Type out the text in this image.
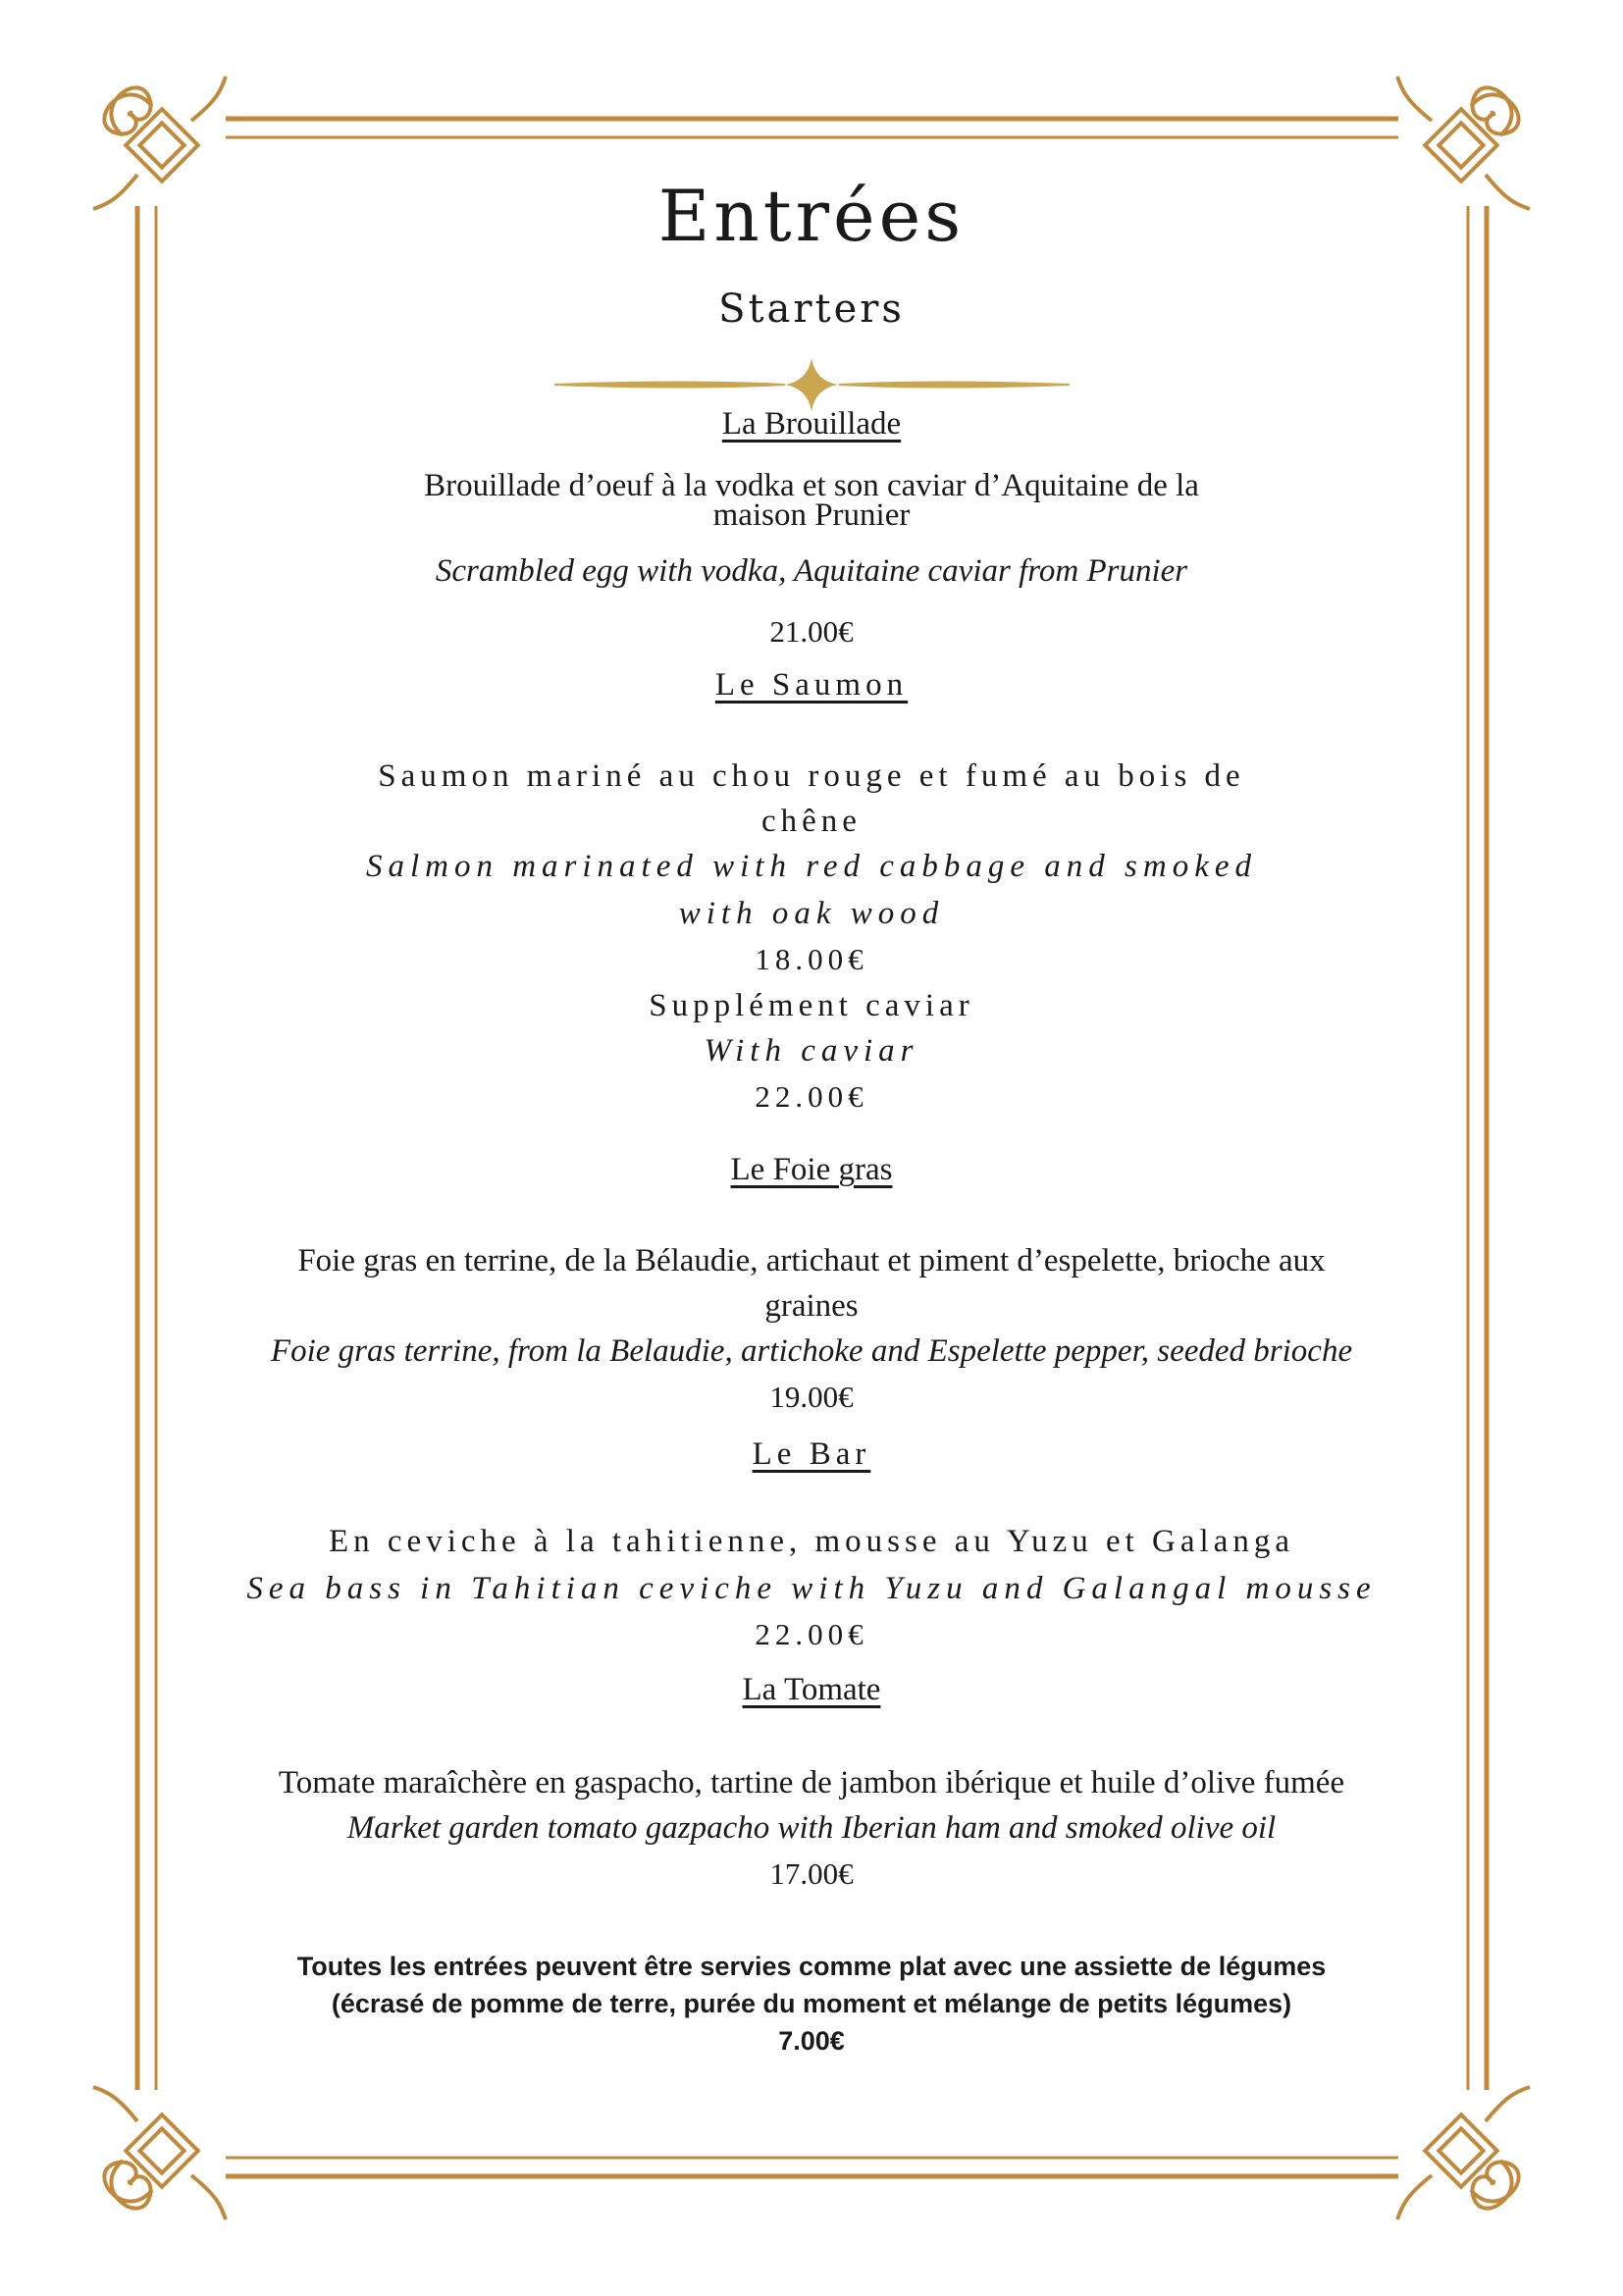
Entrées
Starters
La Brouillade
Brouillade d’oeuf à la vodka et son caviar d’Aquitaine de la
maison Prunier
Scrambled egg with vodka, Aquitaine caviar from Prunier
21.00€
Le Saumon
Saumon mariné au chou rouge et fumé au bois de
chêne
Salmon marinated with red cabbage and smoked
with oak wood
18.00€
Supplément caviar
With caviar
22.00€
Le Foie gras
Foie gras en terrine, de la Bélaudie, artichaut et piment d’espelette, brioche aux
graines
Foie gras terrine, from la Belaudie, artichoke and Espelette pepper, seeded brioche
19.00€
Le Bar
En ceviche à la tahitienne, mousse au Yuzu et Galanga
Sea bass in Tahitian ceviche with Yuzu and Galangal mousse
22.00€
La Tomate
Tomate maraîchère en gaspacho, tartine de jambon ibérique et huile d’olive fumée
Market garden tomato gazpacho with Iberian ham and smoked olive oil
17.00€
Toutes les entrées peuvent être servies comme plat avec une assiette de légumes
(écrasé de pomme de terre, purée du moment et mélange de petits légumes)
7.00€
